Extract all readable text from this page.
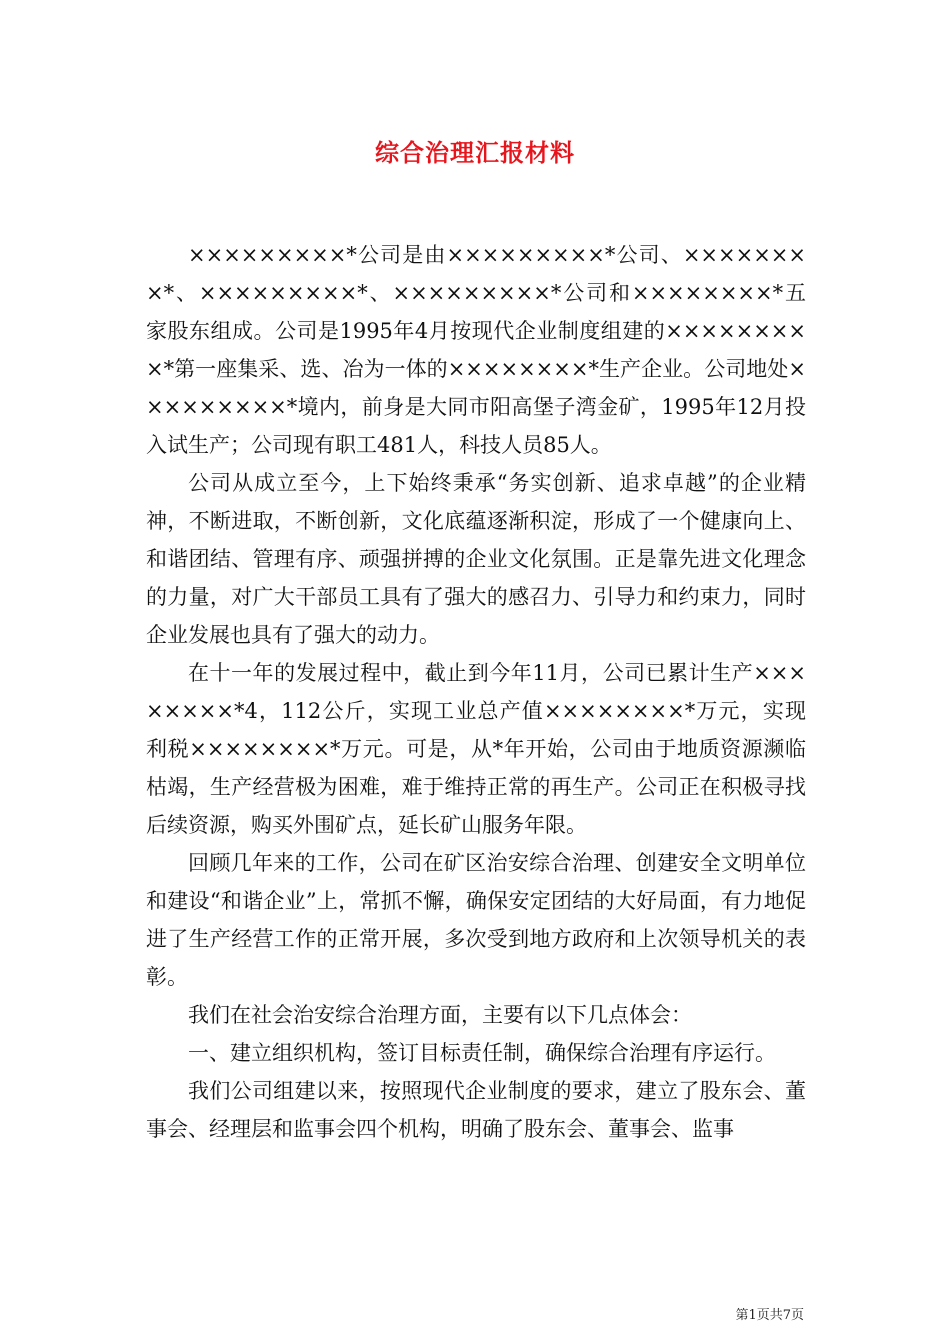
综合治理汇报材料

×××××××××*公司是由×××××××××*公司、××××××××*、×××××××××*、×××××××××*公司和××××××××*五家股东组成。公司是1995年4月按现代企业制度组建的×××××××××*第一座集采、选、冶为一体的××××××××*生产企业。公司地处×××××××××*境内，前身是大同市阳高堡子湾金矿，1995年12月投入试生产；公司现有职工481人，科技人员85人。

公司从成立至今，上下始终秉承“务实创新、追求卓越”的企业精神，不断进取，不断创新，文化底蕴逐渐积淀，形成了一个健康向上、和谐团结、管理有序、顽强拼搏的企业文化氛围。正是靠先进文化理念的力量，对广大干部员工具有了强大的感召力、引导力和约束力，同时企业发展也具有了强大的动力。

在十一年的发展过程中，截止到今年11月，公司已累计生产××××××××*4，112公斤，实现工业总产值××××××××*万元，实现利税××××××××*万元。可是，从*年开始，公司由于地质资源濒临枯竭，生产经营极为困难，难于维持正常的再生产。公司正在积极寻找后续资源，购买外围矿点，延长矿山服务年限。

回顾几年来的工作，公司在矿区治安综合治理、创建安全文明单位和建设“和谐企业”上，常抓不懈，确保安定团结的大好局面，有力地促进了生产经营工作的正常开展，多次受到地方政府和上次领导机关的表彰。

我们在社会治安综合治理方面，主要有以下几点体会：

一、建立组织机构，签订目标责任制，确保综合治理有序运行。

我们公司组建以来，按照现代企业制度的要求，建立了股东会、董事会、经理层和监事会四个机构，明确了股东会、董事会、监事

第1页共7页
